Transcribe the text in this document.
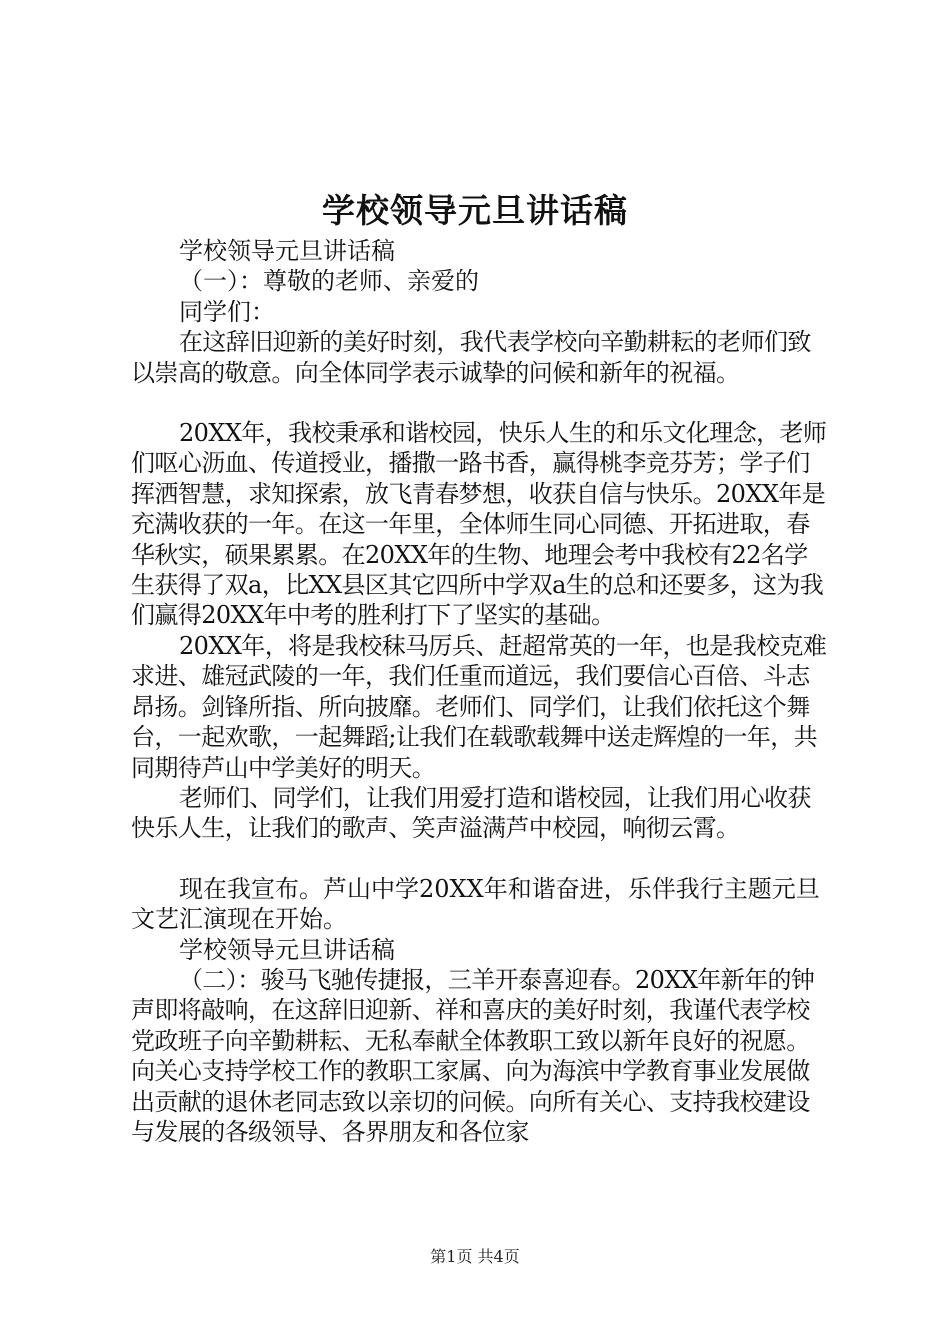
学校领导元旦讲话稿

学校领导元旦讲话稿

（一）：尊敬的老师、亲爱的

同学们：

在这辞旧迎新的美好时刻，我代表学校向辛勤耕耘的老师们致以崇高的敬意。向全体同学表示诚挚的问候和新年的祝福。

20XX年，我校秉承和谐校园，快乐人生的和乐文化理念，老师们呕心沥血、传道授业，播撒一路书香，赢得桃李竞芬芳；学子们挥洒智慧，求知探索，放飞青春梦想，收获自信与快乐。20XX年是充满收获的一年。在这一年里，全体师生同心同德、开拓进取，春华秋实，硕果累累。在20XX年的生物、地理会考中我校有22名学生获得了双a，比XX县区其它四所中学双a生的总和还要多，这为我们赢得20XX年中考的胜利打下了坚实的基础。

20XX年，将是我校秣马厉兵、赶超常英的一年，也是我校克难求进、雄冠武陵的一年，我们任重而道远，我们要信心百倍、斗志昂扬。剑锋所指、所向披靡。老师们、同学们，让我们依托这个舞台，一起欢歌，一起舞蹈;让我们在载歌载舞中送走辉煌的一年，共同期待芦山中学美好的明天。

老师们、同学们，让我们用爱打造和谐校园，让我们用心收获快乐人生，让我们的歌声、笑声溢满芦中校园，响彻云霄。

现在我宣布。芦山中学20XX年和谐奋进，乐伴我行主题元旦文艺汇演现在开始。

学校领导元旦讲话稿

（二）：骏马飞驰传捷报，三羊开泰喜迎春。20XX年新年的钟声即将敲响，在这辞旧迎新、祥和喜庆的美好时刻，我谨代表学校党政班子向辛勤耕耘、无私奉献全体教职工致以新年良好的祝愿。向关心支持学校工作的教职工家属、向为海滨中学教育事业发展做出贡献的退休老同志致以亲切的问候。向所有关心、支持我校建设与发展的各级领导、各界朋友和各位家

第1页 共4页
